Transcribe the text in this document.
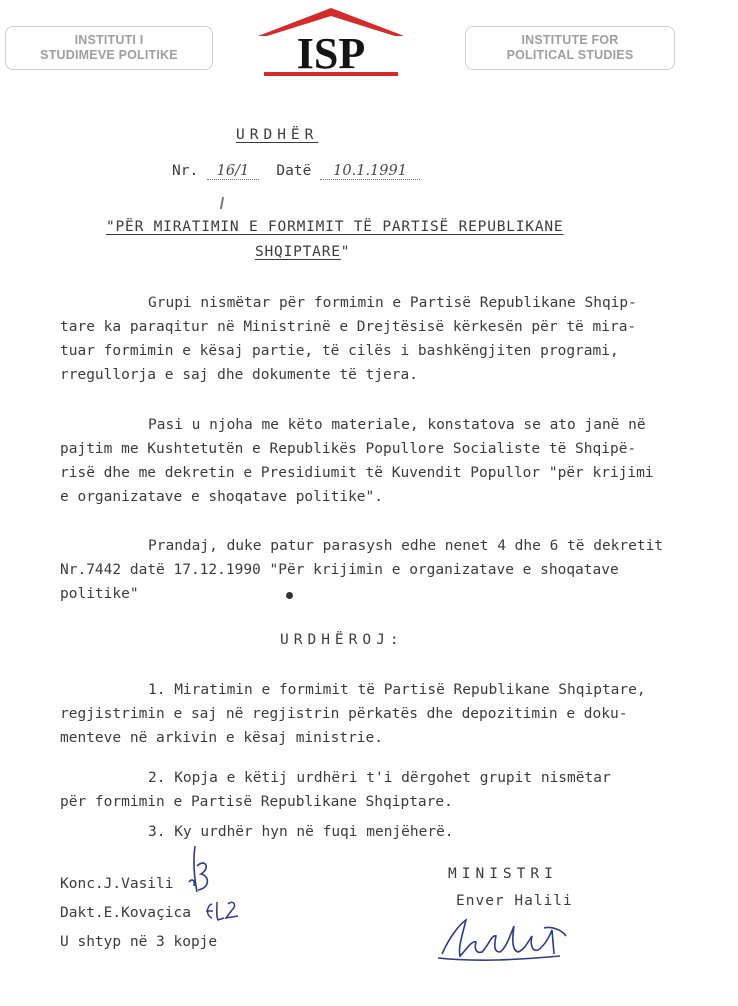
INSTITUTI I
STUDIMEVE POLITIKE	ISP	INSTITUTE FOR
POLITICAL STUDIES
URDHËR
Nr. 16/1 Datë 10.1.1991
"PËR MIRATIMIN E FORMIMIT TË PARTISË REPUBLIKANE
SHQIPTARE"
Grupi nismëtar për formimin e Partisë Republikane Shqip-
tare ka paraqitur në Ministrinë e Drejtësisë kërkesën për të mira-
tuar formimin e kësaj partie, të cilës i bashkëngjiten programi,
rregullorja e saj dhe dokumente të tjera.
Pasi u njoha me këto materiale, konstatova se ato janë në
pajtim me Kushtetutën e Republikës Popullore Socialiste të Shqipë-
risë dhe me dekretin e Presidiumit të Kuvendit Popullor "për krijimi
e organizatave e shoqatave politike".
Prandaj, duke patur parasysh edhe nenet 4 dhe 6 të dekretit
Nr.7442 datë 17.12.1990 "Për krijimin e organizatave e shoqatave
politike"
URDHËROJ:
1. Miratimin e formimit të Partisë Republikane Shqiptare,
regjistrimin e saj në regjistrin përkatës dhe depozitimin e doku-
menteve në arkivin e kësaj ministrie.
2. Kopja e këtij urdhëri t'i dërgohet grupit nismëtar
për formimin e Partisë Republikane Shqiptare.
3. Ky urdhër hyn në fuqi menjëherë.
Konc.J.Vasili
Dakt.E.Kovaçica
U shtyp në 3 kopje
MINISTRI
Enver Halili
